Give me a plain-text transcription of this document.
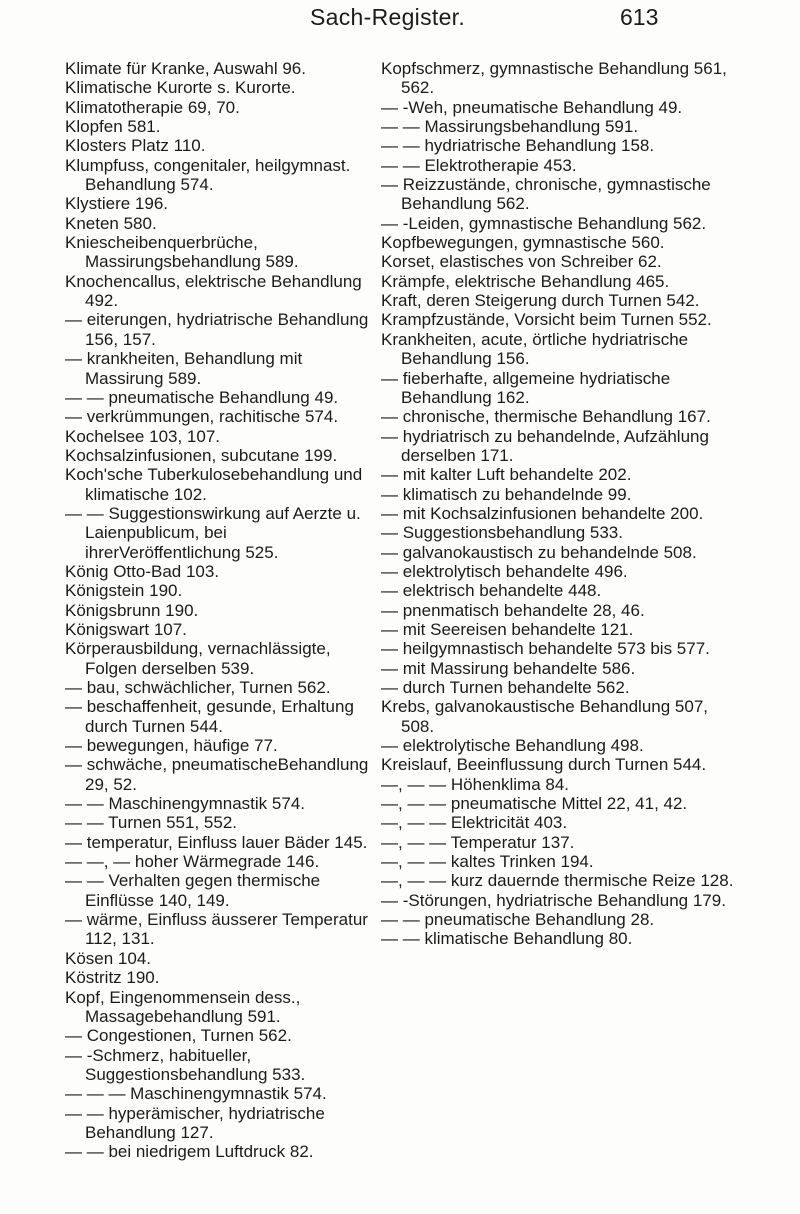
Sach-Register.	613
Klimate für Kranke, Auswahl 96.
Klimatische Kurorte s. Kurorte.
Klimatotherapie 69, 70.
Klopfen 581.
Klosters Platz 110.
Klumpfuss, congenitaler, heilgymnast. Behandlung 574.
Klystiere 196.
Kneten 580.
Kniescheibenquerbrüche, Massirungsbehandlung 589.
Knochencallus, elektrische Behandlung 492.
— eiterungen, hydriatrische Behandlung 156, 157.
— krankheiten, Behandlung mit Massirung 589.
— — pneumatische Behandlung 49.
— verkrümmungen, rachitische 574.
Kochelsee 103, 107.
Kochsalzinfusionen, subcutane 199.
Koch'sche Tuberkulosebehandlung und klimatische 102.
— — Suggestionswirkung auf Aerzte u. Laienpublicum, bei ihrerVeröffentlichung 525.
König Otto-Bad 103.
Königstein 190.
Königsbrunn 190.
Königswart 107.
Körperausbildung, vernachlässigte, Folgen derselben 539.
— bau, schwächlicher, Turnen 562.
— beschaffenheit, gesunde, Erhaltung durch Turnen 544.
— bewegungen, häufige 77.
— schwäche, pneumatischeBehandlung 29, 52.
— — Maschinengymnastik 574.
— — Turnen 551, 552.
— temperatur, Einfluss lauer Bäder 145.
— —, — hoher Wärmegrade 146.
— — Verhalten gegen thermische Einflüsse 140, 149.
— wärme, Einfluss äusserer Temperatur 112, 131.
Kösen 104.
Köstritz 190.
Kopf, Eingenommensein dess., Massagebehandlung 591.
— Congestionen, Turnen 562.
— -Schmerz, habitueller, Suggestionsbehandlung 533.
— — — Maschinengymnastik 574.
— — hyperämischer, hydriatrische Behandlung 127.
— — bei niedrigem Luftdruck 82.
Kopfschmerz, gymnastische Behandlung 561, 562.
— -Weh, pneumatische Behandlung 49.
— — Massirungsbehandlung 591.
— — hydriatrische Behandlung 158.
— — Elektrotherapie 453.
— Reizzustände, chronische, gymnastische Behandlung 562.
— -Leiden, gymnastische Behandlung 562.
Kopfbewegungen, gymnastische 560.
Korset, elastisches von Schreiber 62.
Krämpfe, elektrische Behandlung 465.
Kraft, deren Steigerung durch Turnen 542.
Krampfzustände, Vorsicht beim Turnen 552.
Krankheiten, acute, örtliche hydriatrische Behandlung 156.
— fieberhafte, allgemeine hydriatische Behandlung 162.
— chronische, thermische Behandlung 167.
— hydriatrisch zu behandelnde, Aufzählung derselben 171.
— mit kalter Luft behandelte 202.
— klimatisch zu behandelnde 99.
— mit Kochsalzinfusionen behandelte 200.
— Suggestionsbehandlung 533.
— galvanokaustisch zu behandelnde 508.
— elektrolytisch behandelte 496.
— elektrisch behandelte 448.
— pnenmatisch behandelte 28, 46.
— mit Seereisen behandelte 121.
— heilgymnastisch behandelte 573 bis 577.
— mit Massirung behandelte 586.
— durch Turnen behandelte 562.
Krebs, galvanokaustische Behandlung 507, 508.
— elektrolytische Behandlung 498.
Kreislauf, Beeinflussung durch Turnen 544.
—, — — Höhenklima 84.
—, — — pneumatische Mittel 22, 41, 42.
—, — — Elektricität 403.
—, — — Temperatur 137.
—, — — kaltes Trinken 194.
—, — — kurz dauernde thermische Reize 128.
— -Störungen, hydriatrische Behandlung 179.
— — pneumatische Behandlung 28.
— — klimatische Behandlung 80.
